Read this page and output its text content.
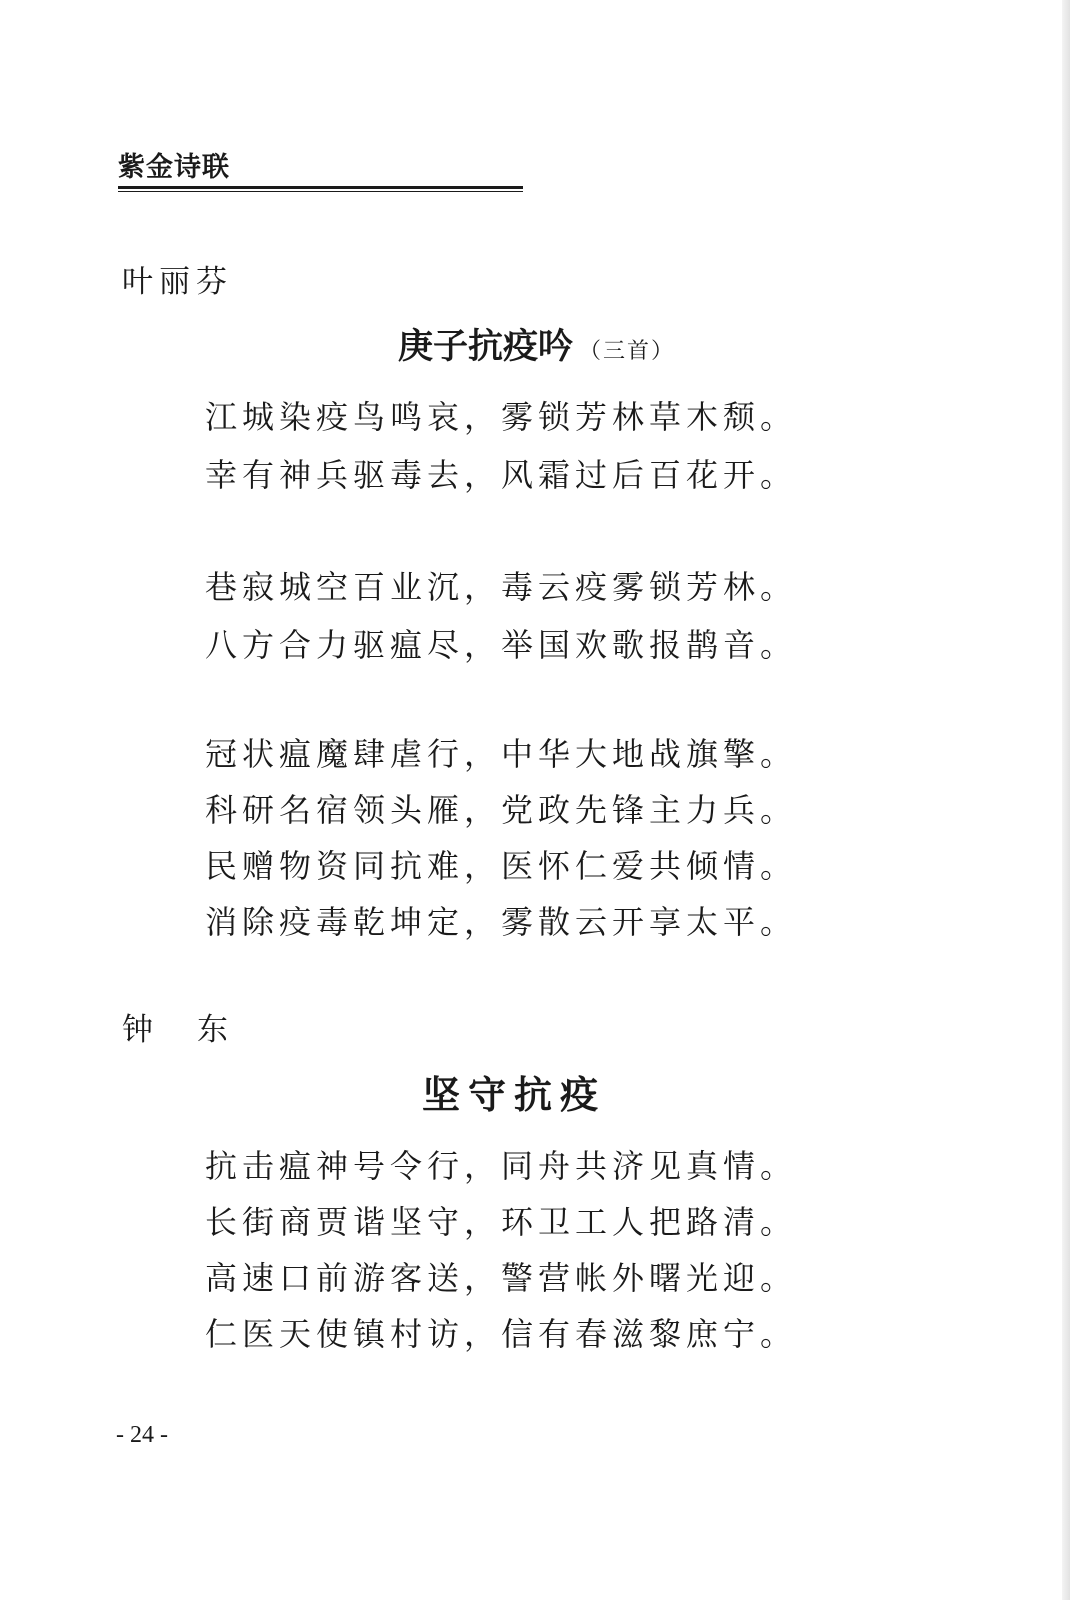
紫金诗联
叶丽芬
庚子抗疫吟 （三首）
江城染疫鸟鸣哀，雾锁芳林草木颓。
幸有神兵驱毒去，风霜过后百花开。
巷寂城空百业沉，毒云疫雾锁芳林。
八方合力驱瘟尽，举国欢歌报鹊音。
冠状瘟魔肆虐行，中华大地战旗擎。
科研名宿领头雁，党政先锋主力兵。
民赠物资同抗难，医怀仁爱共倾情。
消除疫毒乾坤定，雾散云开享太平。
钟东
坚守抗疫
抗击瘟神号令行，同舟共济见真情。
长街商贾谐坚守，环卫工人把路清。
高速口前游客送，警营帐外曙光迎。
仁医天使镇村访，信有春滋黎庶宁。
- 24 -
